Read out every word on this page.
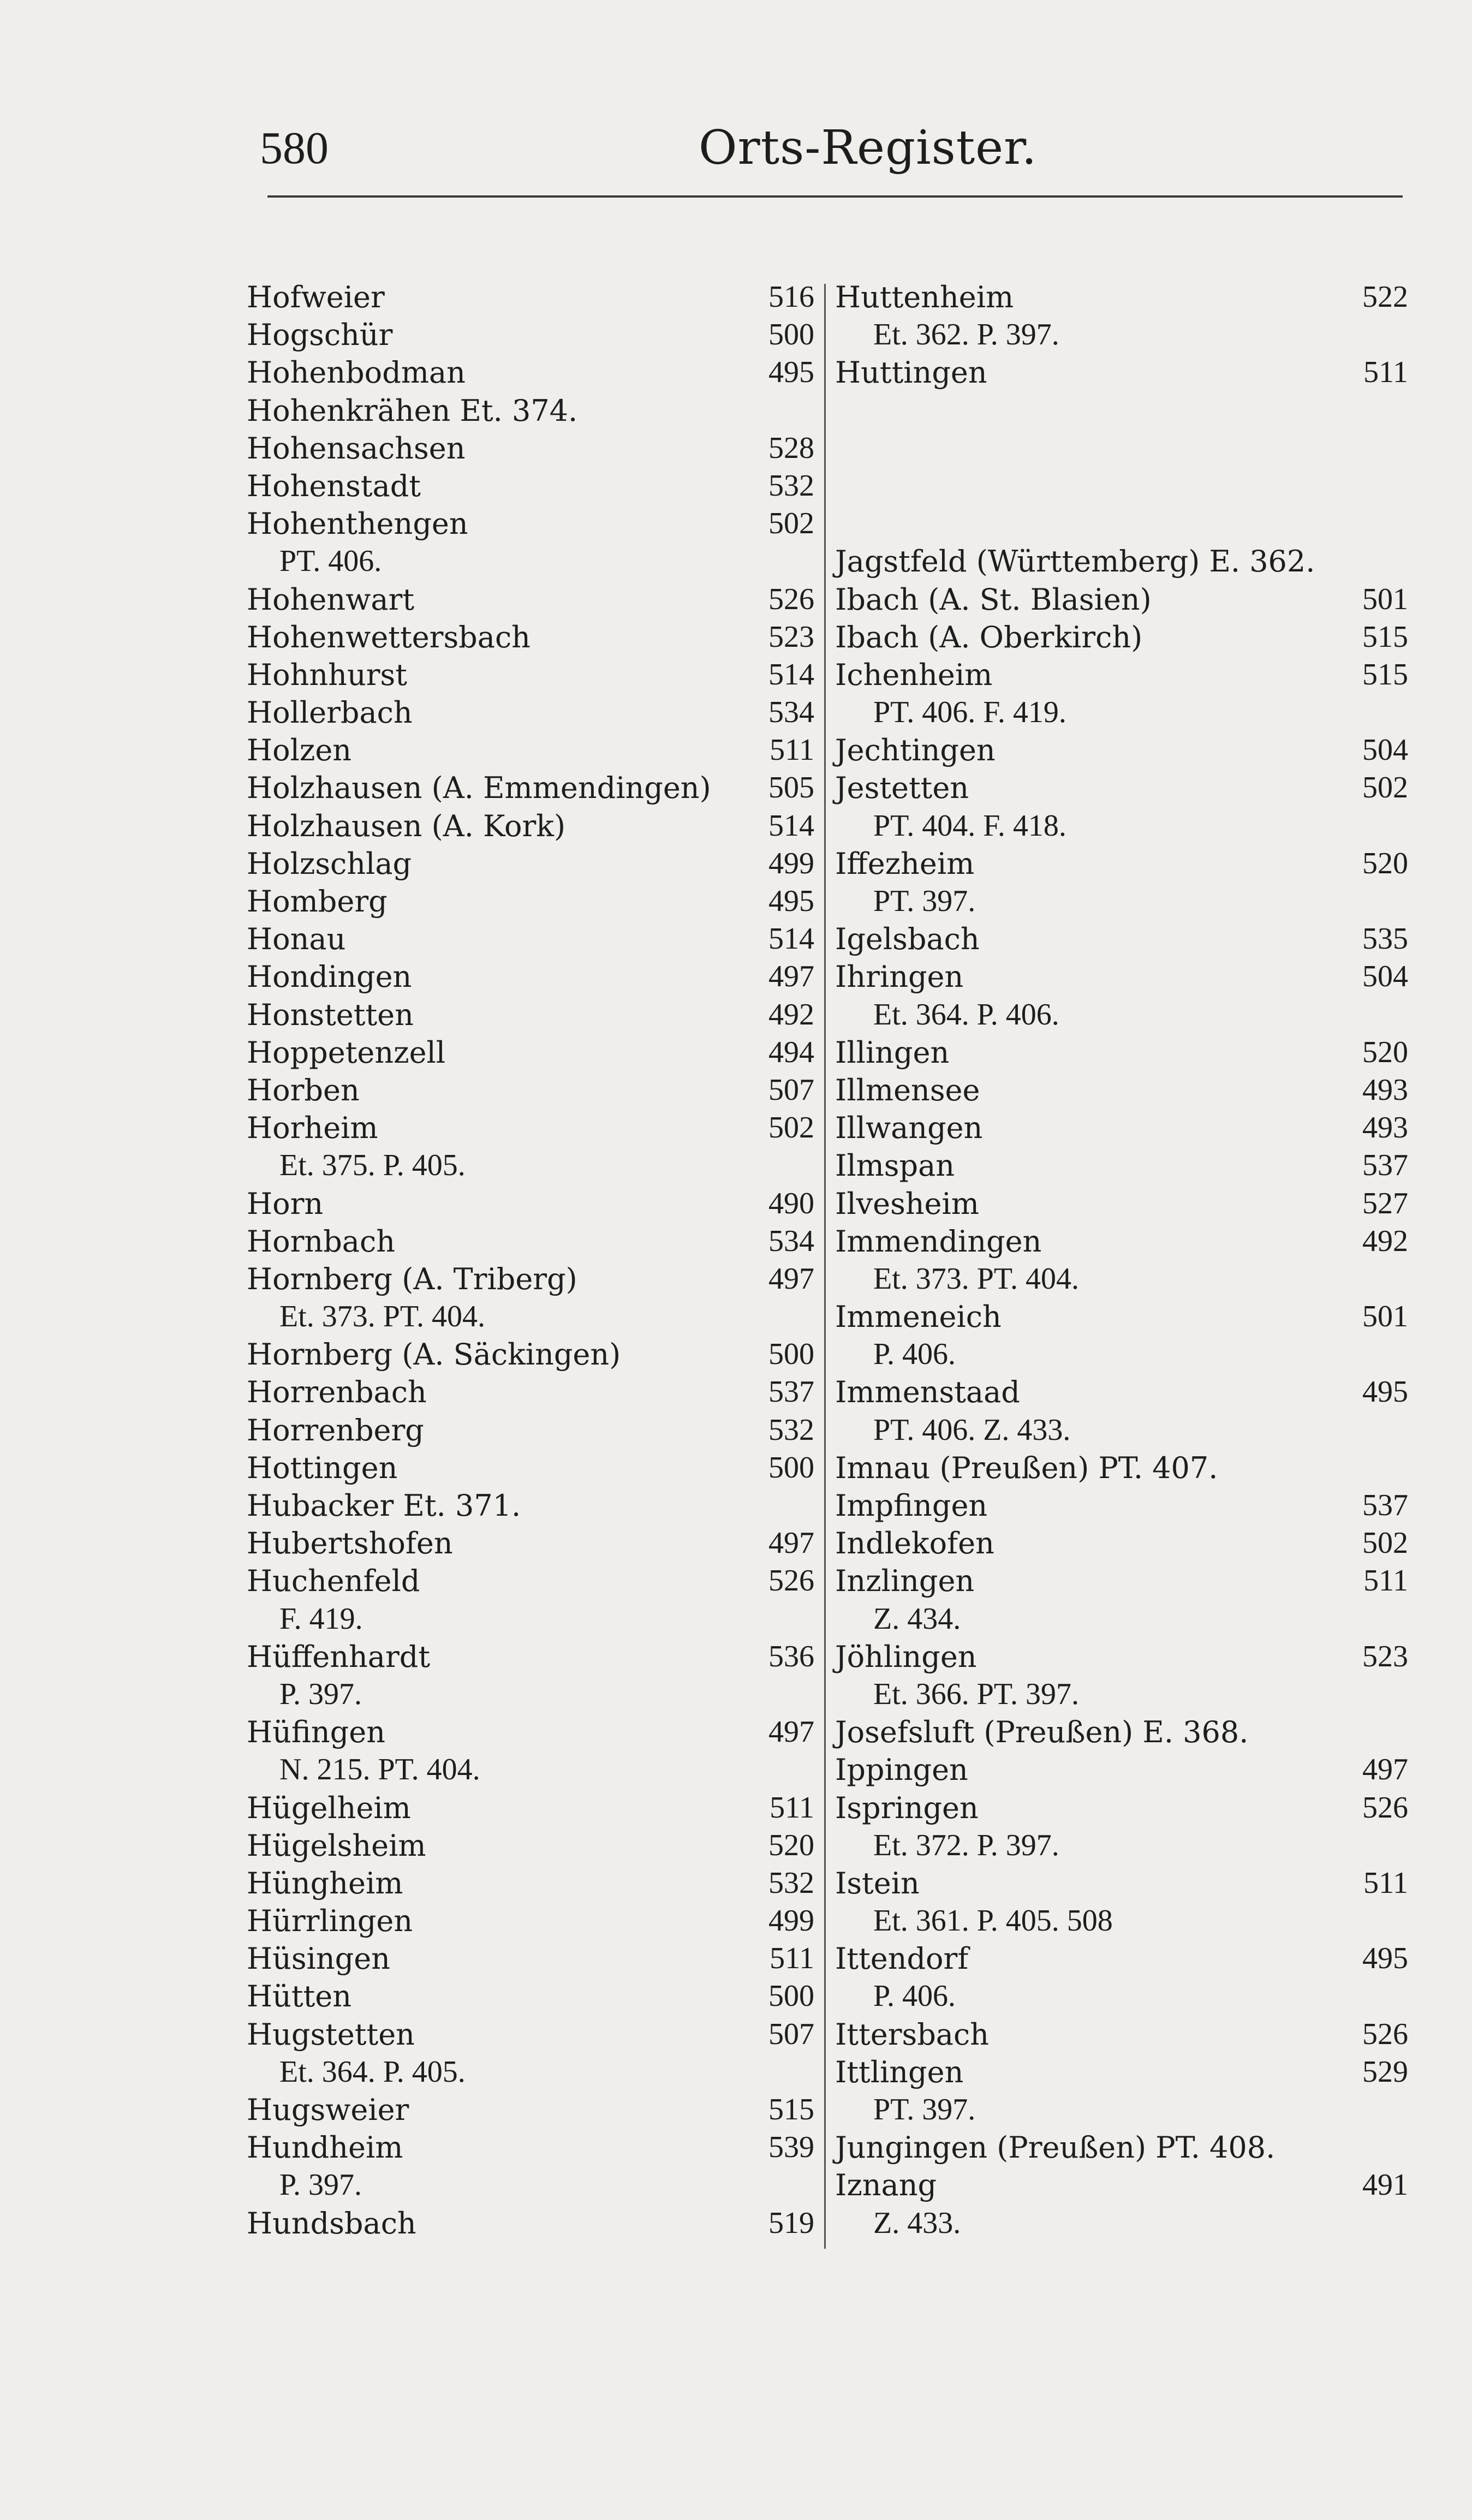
580	Orts-Register.
Hofweier	516
Hogschür	500
Hohenbodman	495
Hohenkrähen Et. 374.
Hohensachsen	528
Hohenstadt	532
Hohenthengen	502
PT. 406.
Hohenwart	526
Hohenwettersbach	523
Hohnhurst	514
Hollerbach	534
Holzen	511
Holzhausen (A. Emmendingen) 505
Holzhausen (A. Kork)	514
Holzschlag	499
Homberg	495
Honau	514
Hondingen	497
Honstetten	492
Hoppetenzell	494
Horben	507
Horheim	502
Et. 375. P. 405.
Horn	490
Hornbach	534
Hornberg (A. Triberg)	497
Et. 373. PT. 404.
Hornberg (A. Säckingen)	500
Horrenbach	537
Horrenberg	532
Hottingen	500
Hubacker Et. 371.
Hubertshofen	497
Huchenfeld	526
F. 419.
Hüffenhardt	536
P. 397.
Hüfingen	497
N. 215. PT. 404.
Hügelheim	511
Hügelsheim	520
Hüngheim	532
Hürrlingen	499
Hüsingen	511
Hütten	500
Hugstetten	507
Et. 364. P. 405.
Hugsweier	515
Hundheim	539
P. 397.
Hundsbach	519
Huttenheim	522
Et. 362. P. 397.
Huttingen	511
Jagstfeld (Württemberg) E. 362.
Ibach (A. St. Blasien)	501
Ibach (A. Oberkirch)	515
Ichenheim	515
PT. 406. F. 419.
Jechtingen	504
Jestetten	502
PT. 404. F. 418.
Iffezheim	520
PT. 397.
Igelsbach	535
Ihringen	504
Et. 364. P. 406.
Illingen	520
Illmensee	493
Illwangen	493
Ilmspan	537
Ilvesheim	527
Immendingen	492
Et. 373. PT. 404.
Immeneich	501
P. 406.
Immenstaad	495
PT. 406. Z. 433.
Imnau (Preußen) PT. 407.
Impfingen	537
Indlekofen	502
Inzlingen	511
Z. 434.
Jöhlingen	523
Et. 366. PT. 397.
Josefsluft (Preußen) E. 368.
Ippingen	497
Ispringen	526
Et. 372. P. 397.
Istein	511
Et. 361. P. 405. 508
Ittendorf	495
P. 406.
Ittersbach	526
Ittlingen	529
PT. 397.
Jungingen (Preußen) PT. 408.
Iznang	491
Z. 433.
